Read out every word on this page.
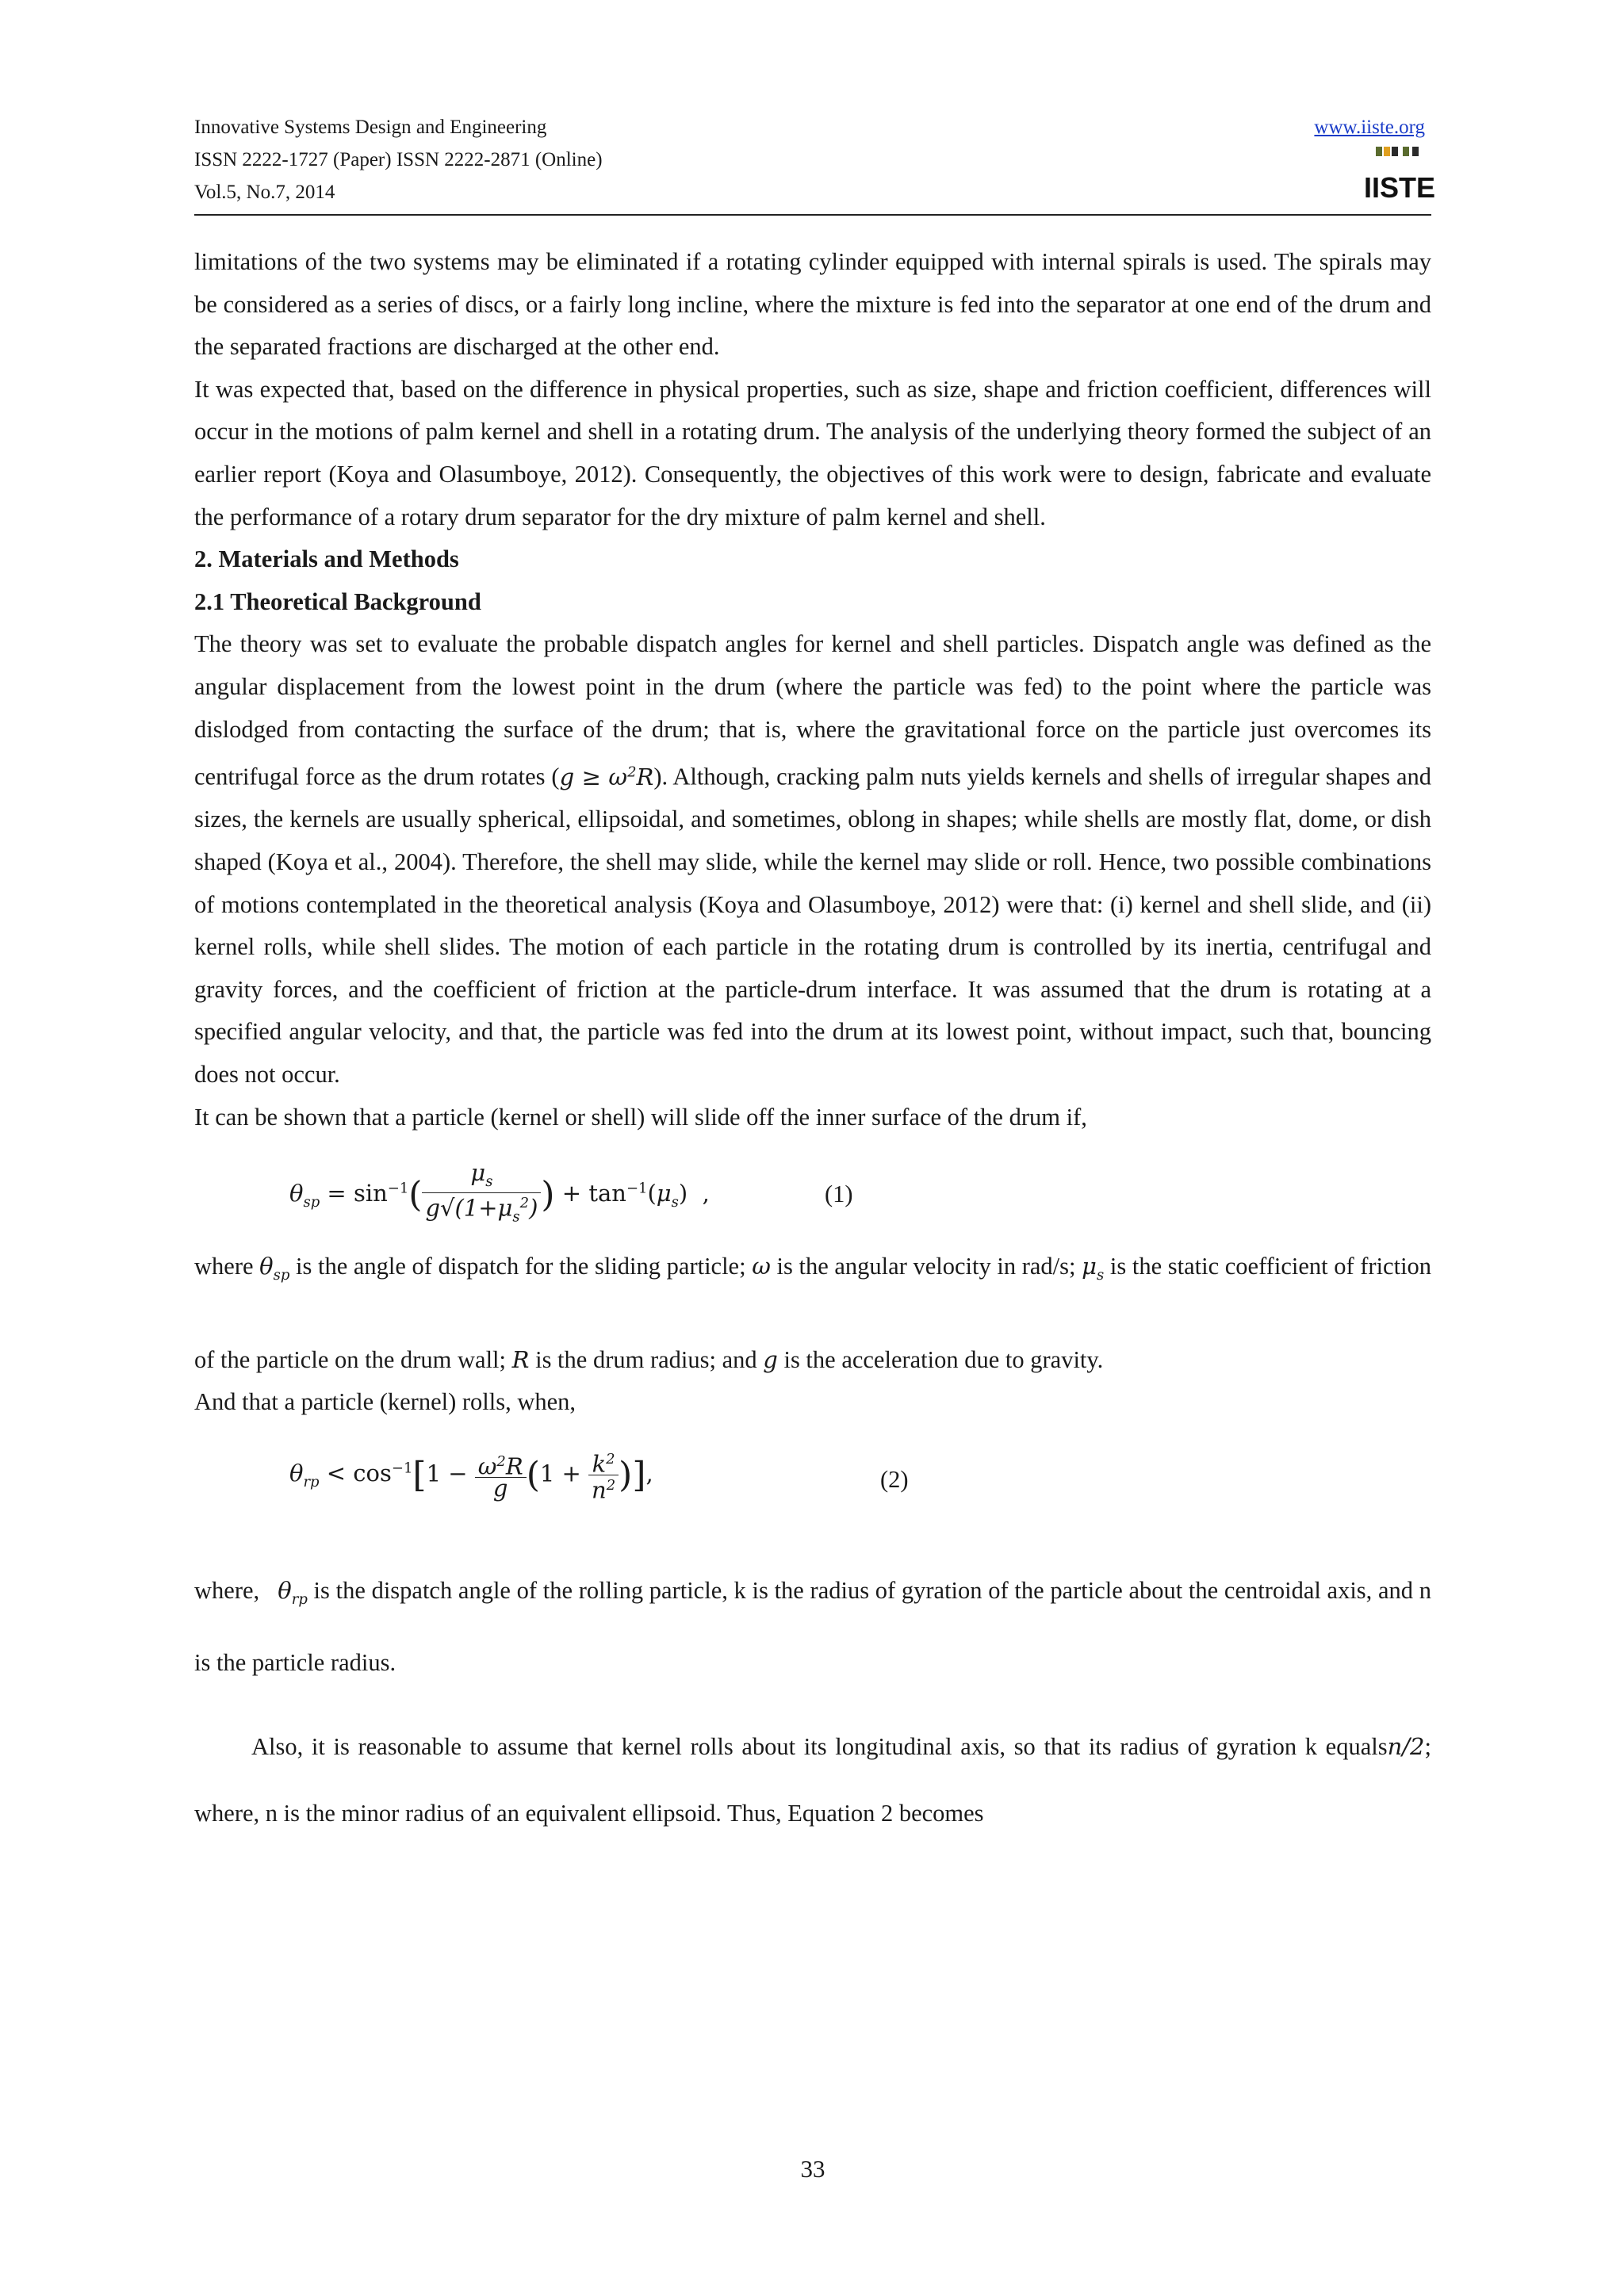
Innovative Systems Design and Engineering
ISSN 2222-1727 (Paper) ISSN 2222-2871 (Online)
Vol.5, No.7, 2014
www.iiste.org
IISTE

limitations of the two systems may be eliminated if a rotating cylinder equipped with internal spirals is used. The spirals may be considered as a series of discs, or a fairly long incline, where the mixture is fed into the separator at one end of the drum and the separated fractions are discharged at the other end.

It was expected that, based on the difference in physical properties, such as size, shape and friction coefficient, differences will occur in the motions of palm kernel and shell in a rotating drum. The analysis of the underlying theory formed the subject of an earlier report (Koya and Olasumboye, 2012). Consequently, the objectives of this work were to design, fabricate and evaluate the performance of a rotary drum separator for the dry mixture of palm kernel and shell.

2. Materials and Methods

2.1 Theoretical Background

The theory was set to evaluate the probable dispatch angles for kernel and shell particles. Dispatch angle was defined as the angular displacement from the lowest point in the drum (where the particle was fed) to the point where the particle was dislodged from contacting the surface of the drum; that is, where the gravitational force on the particle just overcomes its centrifugal force as the drum rotates $(g \ge \omega^2R)$. Although, cracking palm nuts yields kernels and shells of irregular shapes and sizes, the kernels are usually spherical, ellipsoidal, and sometimes, oblong in shapes; while shells are mostly flat, dome, or dish shaped (Koya et al., 2004). Therefore, the shell may slide, while the kernel may slide or roll. Hence, two possible combinations of motions contemplated in the theoretical analysis (Koya and Olasumboye, 2012) were that: (i) kernel and shell slide, and (ii) kernel rolls, while shell slides. The motion of each particle in the rotating drum is controlled by its inertia, centrifugal and gravity forces, and the coefficient of friction at the particle-drum interface. It was assumed that the drum is rotating at a specified angular velocity, and that, the particle was fed into the drum at its lowest point, without impact, such that, bouncing does not occur.

It can be shown that a particle (kernel or shell) will slide off the inner surface of the drum if,

$\theta_{sp} = \sin^{-1}( \frac{\mu_s}{g√(1+\mu_s^2)}$ ) + $\tan^{-1}(\mu_s)$  ,	(1)

where $\theta_{sp}$ is the angle of dispatch for the sliding particle; ω is the angular velocity in rad/s; $\mu_s$ is the static coefficient of friction of the particle on the drum wall; R is the drum radius; and g is the acceleration due to gravity.

And that a particle (kernel) rolls, when,

$\theta_{rp} < \cos^{-1}[1 - \frac{\omega^2R}{g} (1 + \frac{k^2}{n^2}$ )],	(2)

where, $\theta_{rp}$ is the dispatch angle of the rolling particle, k is the radius of gyration of the particle about the centroidal axis, and n is the particle radius.

Also, it is reasonable to assume that kernel rolls about its longitudinal axis, so that its radius of gyration k equalsn/2; where, n is the minor radius of an equivalent ellipsoid. Thus, Equation 2 becomes

33
